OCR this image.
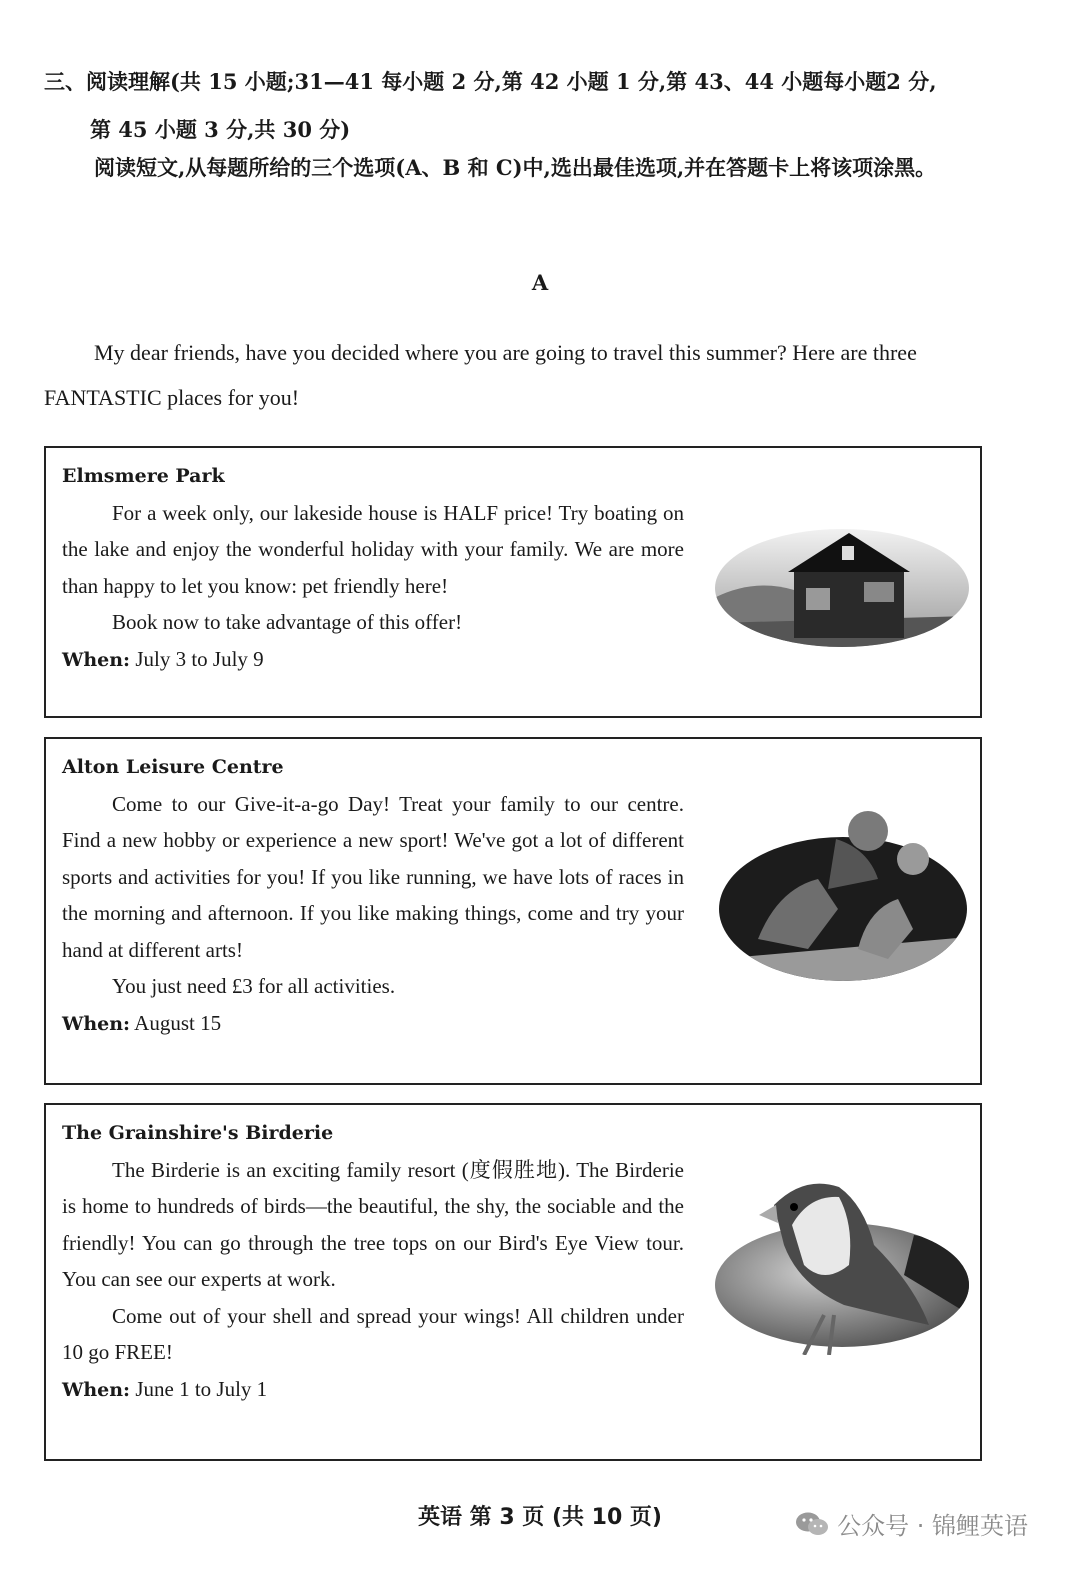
三、阅读理解(共 15 小题;31—41 每小题 2 分,第 42 小题 1 分,第 43、44 小题每小题2 分,
第 45 小题 3 分,共 30 分)
阅读短文,从每题所给的三个选项(A、B 和 C)中,选出最佳选项,并在答题卡上将该项涂黑。
A
My dear friends, have you decided where you are going to travel this summer? Here are three FANTASTIC places for you!
Elmsmere Park
For a week only, our lakeside house is HALF price! Try boating on the lake and enjoy the wonderful holiday with your family. We are more than happy to let you know: pet friendly here!
Book now to take advantage of this offer!
When: July 3 to July 9
Alton Leisure Centre
Come to our Give-it-a-go Day! Treat your family to our centre. Find a new hobby or experience a new sport! We've got a lot of different sports and activities for you! If you like running, we have lots of races in the morning and afternoon. If you like making things, come and try your hand at different arts!
You just need £3 for all activities.
When: August 15
The Grainshire's Birderie
The Birderie is an exciting family resort (度假胜地). The Birderie is home to hundreds of birds—the beautiful, the shy, the sociable and the friendly! You can go through the tree tops on our Bird's Eye View tour. You can see our experts at work.
Come out of your shell and spread your wings! All children under 10 go FREE!
When: June 1 to July 1
英语 第 3 页 (共 10 页)	公众号 · 锦鲤英语
